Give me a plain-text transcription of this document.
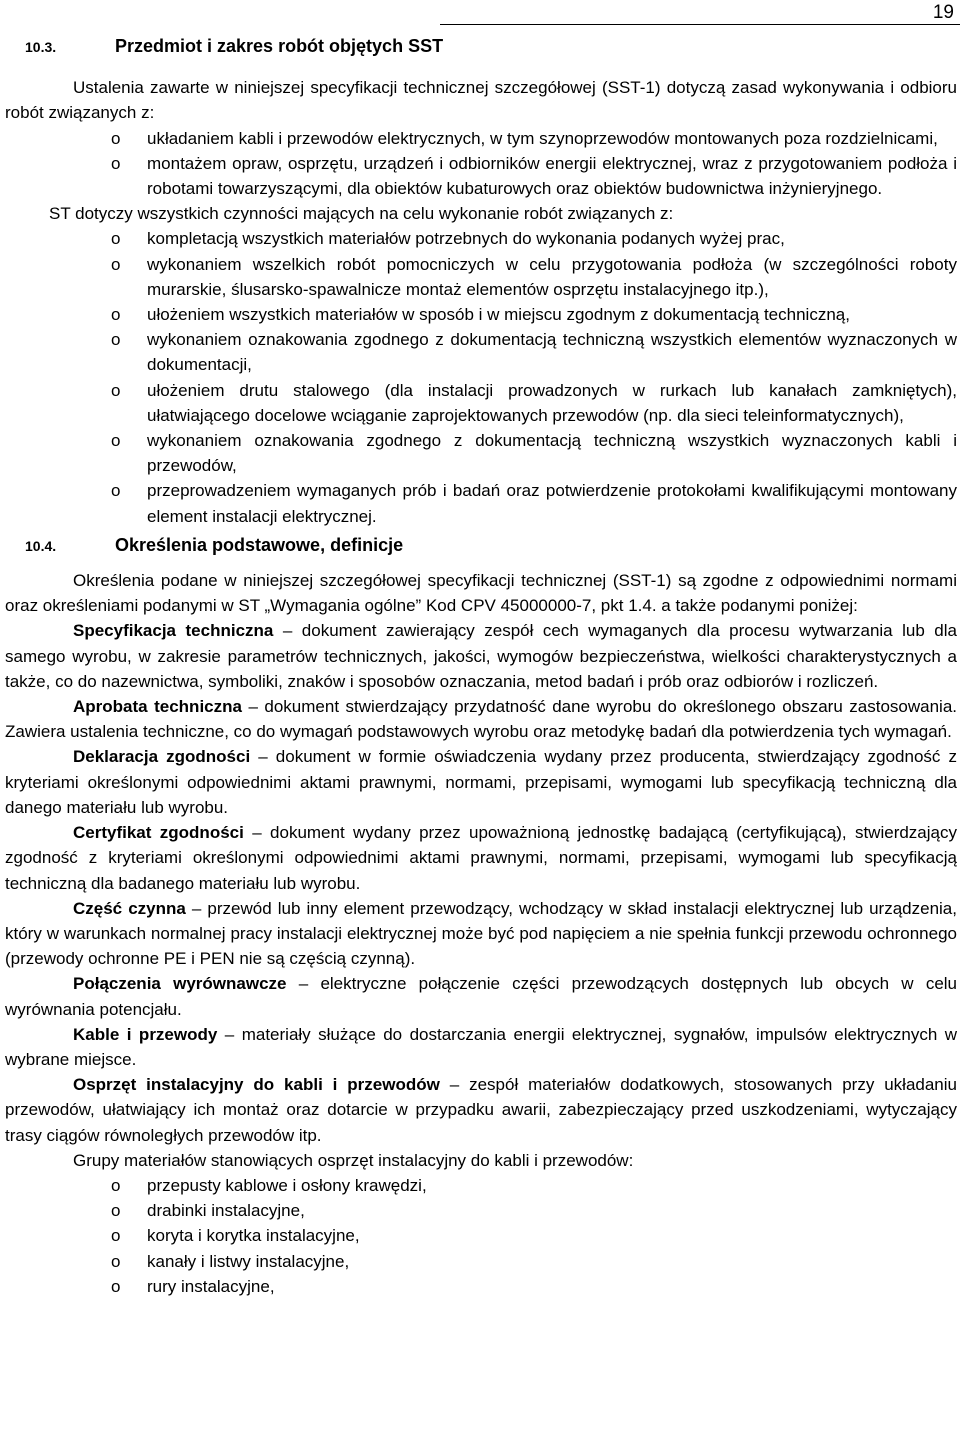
19
10.3.	Przedmiot i zakres robót objętych SST

Ustalenia zawarte w niniejszej specyfikacji technicznej szczegółowej (SST-1) dotyczą zasad wykonywania i odbioru robót związanych z:

o układaniem kabli i przewodów elektrycznych, w tym szynoprzewodów montowanych poza rozdzielnicami,
o montażem opraw, osprzętu, urządzeń i odbiorników energii elektrycznej, wraz z przygotowaniem podłoża i robotami towarzyszącymi, dla obiektów kubaturowych oraz obiektów budownictwa inżynieryjnego.

ST dotyczy wszystkich czynności mających na celu wykonanie robót związanych z:

o kompletacją wszystkich materiałów potrzebnych do wykonania podanych wyżej prac,
o wykonaniem wszelkich robót pomocniczych w celu przygotowania podłoża (w szczególności roboty murarskie, ślusarsko-spawalnicze montaż elementów osprzętu instalacyjnego itp.),
o ułożeniem wszystkich materiałów w sposób i w miejscu zgodnym z dokumentacją techniczną,
o wykonaniem oznakowania zgodnego z dokumentacją techniczną wszystkich elementów wyznaczonych w dokumentacji,
o ułożeniem drutu stalowego (dla instalacji prowadzonych w rurkach lub kanałach zamkniętych), ułatwiającego docelowe wciąganie zaprojektowanych przewodów (np. dla sieci teleinformatycznych),
o wykonaniem oznakowania zgodnego z dokumentacją techniczną wszystkich wyznaczonych kabli i przewodów,
o przeprowadzeniem wymaganych prób i badań oraz potwierdzenie protokołami kwalifikującymi montowany element instalacji elektrycznej.
10.4.	Określenia podstawowe, definicje

Określenia podane w niniejszej szczegółowej specyfikacji technicznej (SST-1) są zgodne z odpowiednimi normami oraz określeniami podanymi w ST „Wymagania ogólne” Kod CPV 45000000-7, pkt 1.4. a także podanymi poniżej:

Specyfikacja techniczna – dokument zawierający zespół cech wymaganych dla procesu wytwarzania lub dla samego wyrobu, w zakresie parametrów technicznych, jakości, wymogów bezpieczeństwa, wielkości charakterystycznych a także, co do nazewnictwa, symboliki, znaków i sposobów oznaczania, metod badań i prób oraz odbiorów i rozliczeń.

Aprobata techniczna – dokument stwierdzający przydatność dane wyrobu do określonego obszaru zastosowania. Zawiera ustalenia techniczne, co do wymagań podstawowych wyrobu oraz metodykę badań dla potwierdzenia tych wymagań.

Deklaracja zgodności – dokument w formie oświadczenia wydany przez producenta, stwierdzający zgodność z kryteriami określonymi odpowiednimi aktami prawnymi, normami, przepisami, wymogami lub specyfikacją techniczną dla danego materiału lub wyrobu.

Certyfikat zgodności – dokument wydany przez upoważnioną jednostkę badającą (certyfikującą), stwierdzający zgodność z kryteriami określonymi odpowiednimi aktami prawnymi, normami, przepisami, wymogami lub specyfikacją techniczną dla badanego materiału lub wyrobu.

Część czynna – przewód lub inny element przewodzący, wchodzący w skład instalacji elektrycznej lub urządzenia, który w warunkach normalnej pracy instalacji elektrycznej może być pod napięciem a nie spełnia funkcji przewodu ochronnego (przewody ochronne PE i PEN nie są częścią czynną).

Połączenia wyrównawcze – elektryczne połączenie części przewodzących dostępnych lub obcych w celu wyrównania potencjału.

Kable i przewody – materiały służące do dostarczania energii elektrycznej, sygnałów, impulsów elektrycznych w wybrane miejsce.

Osprzęt instalacyjny do kabli i przewodów – zespół materiałów dodatkowych, stosowanych przy układaniu przewodów, ułatwiający ich montaż oraz dotarcie w przypadku awarii, zabezpieczający przed uszkodzeniami, wytyczający trasy ciągów równoległych przewodów itp.

Grupy materiałów stanowiących osprzęt instalacyjny do kabli i przewodów:

o przepusty kablowe i osłony krawędzi,
o drabinki instalacyjne,
o koryta i korytka instalacyjne,
o kanały i listwy instalacyjne,
o rury instalacyjne,
